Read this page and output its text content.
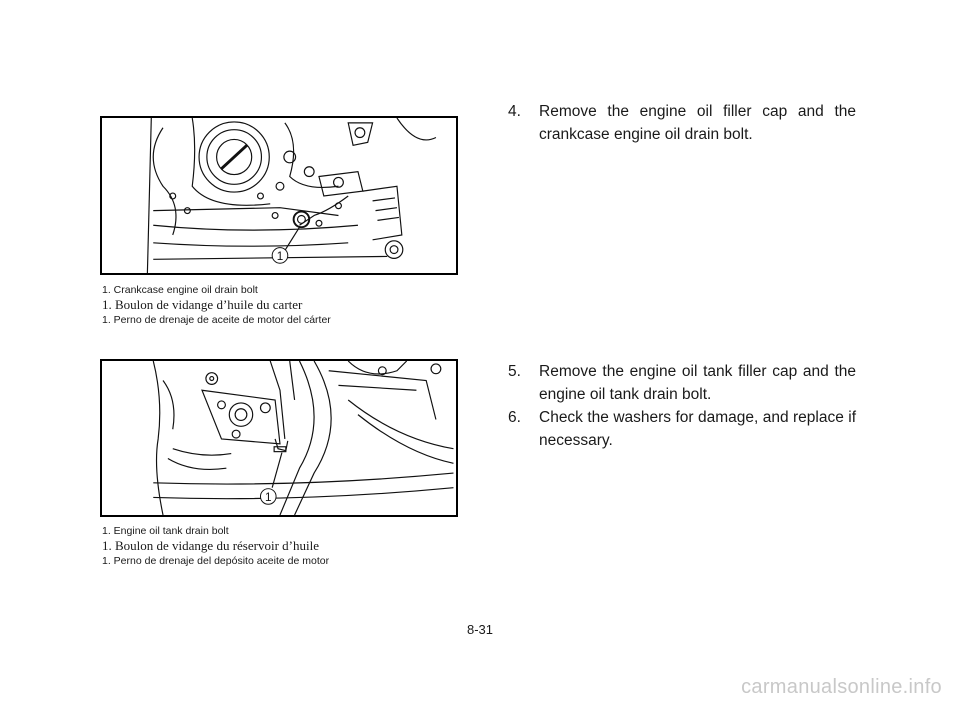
1
1. Crankcase engine oil drain bolt
1. Boulon de vidange d’huile du carter
1. Perno de drenaje de aceite de motor del cárter
1
1. Engine oil tank drain bolt
1. Boulon de vidange du réservoir d’huile
1. Perno de drenaje del depósito aceite de motor
4. Remove the engine oil filler cap and the crankcase engine oil drain bolt.
5. Remove the engine oil tank filler cap and the engine oil tank drain bolt.
6. Check the washers for damage, and replace if necessary.
8-31
carmanualsonline.info
